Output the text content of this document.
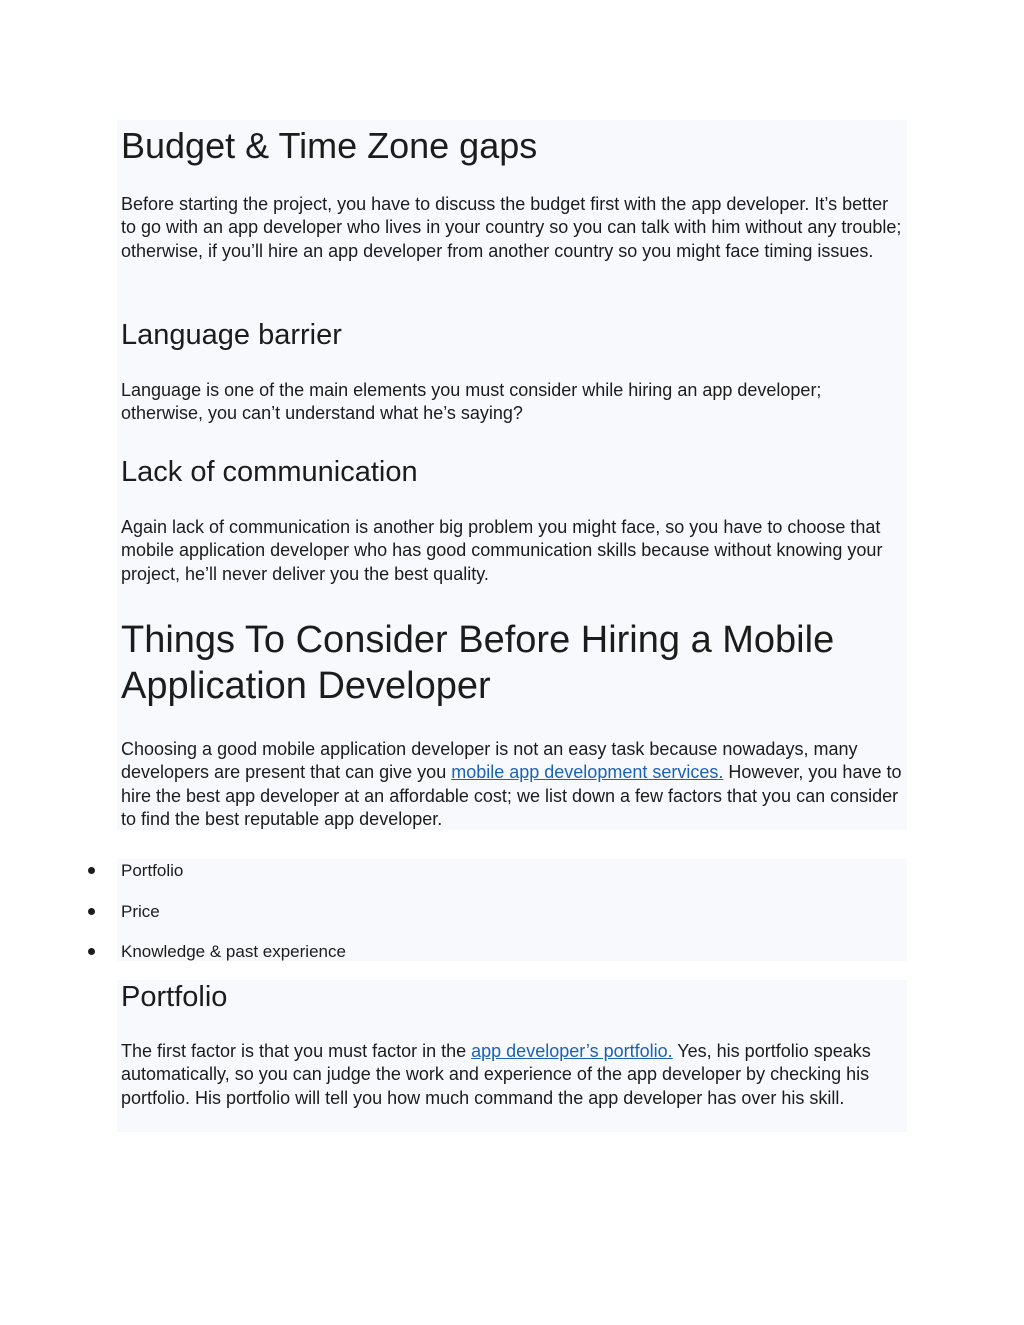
Budget & Time Zone gaps

Before starting the project, you have to discuss the budget first with the app developer. It’s better to go with an app developer who lives in your country so you can talk with him without any trouble; otherwise, if you’ll hire an app developer from another country so you might face timing issues.

Language barrier

Language is one of the main elements you must consider while hiring an app developer; otherwise, you can’t understand what he’s saying?

Lack of communication

Again lack of communication is another big problem you might face, so you have to choose that mobile application developer who has good communication skills because without knowing your project, he’ll never deliver you the best quality.

Things To Consider Before Hiring a Mobile Application Developer

Choosing a good mobile application developer is not an easy task because nowadays, many developers are present that can give you mobile app development services. However, you have to hire the best app developer at an affordable cost; we list down a few factors that you can consider to find the best reputable app developer.

Portfolio
Price
Knowledge & past experience
Portfolio

The first factor is that you must factor in the app developer’s portfolio. Yes, his portfolio speaks automatically, so you can judge the work and experience of the app developer by checking his portfolio. His portfolio will tell you how much command the app developer has over his skill.
